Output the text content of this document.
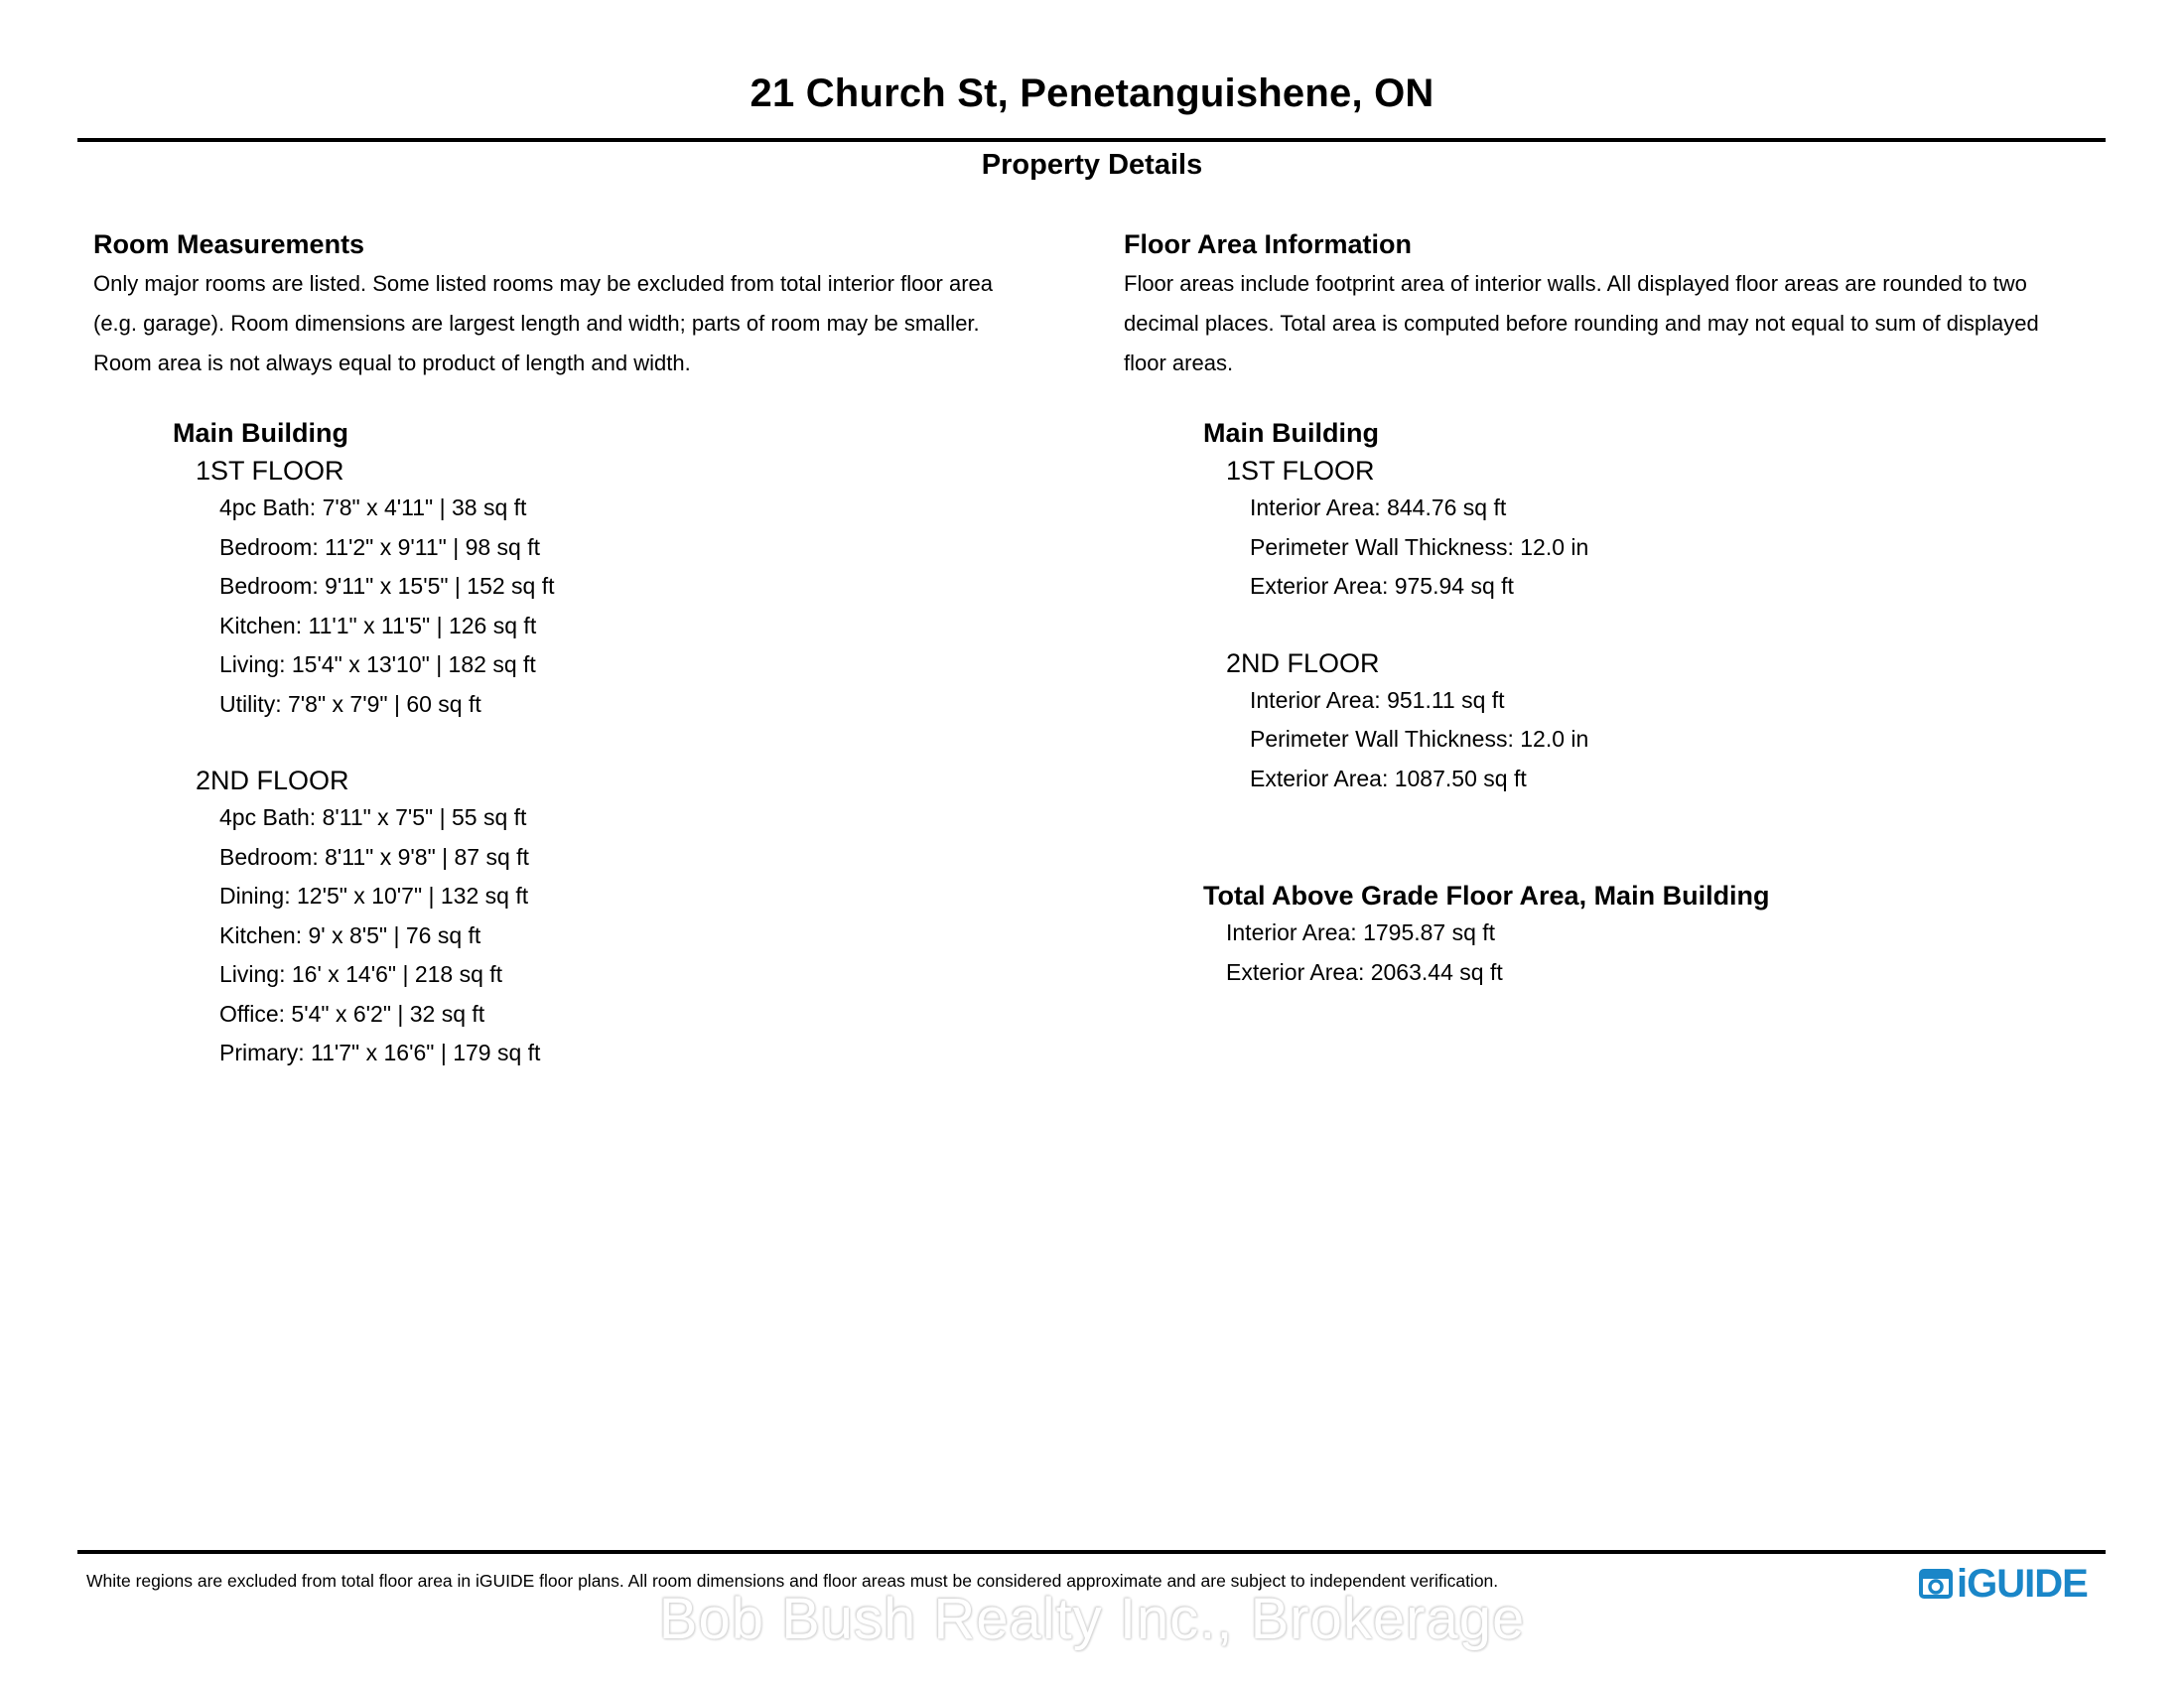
21 Church St, Penetanguishene, ON
Property Details
Room Measurements
Only major rooms are listed. Some listed rooms may be excluded from total interior floor area
(e.g. garage). Room dimensions are largest length and width; parts of room may be smaller.
Room area is not always equal to product of length and width.
Main Building
1ST FLOOR
4pc Bath: 7'8" x 4'11" | 38 sq ft
Bedroom: 11'2" x 9'11" | 98 sq ft
Bedroom: 9'11" x 15'5" | 152 sq ft
Kitchen: 11'1" x 11'5" | 126 sq ft
Living: 15'4" x 13'10" | 182 sq ft
Utility: 7'8" x 7'9" | 60 sq ft
2ND FLOOR
4pc Bath: 8'11" x 7'5" | 55 sq ft
Bedroom: 8'11" x 9'8" | 87 sq ft
Dining: 12'5" x 10'7" | 132 sq ft
Kitchen: 9' x 8'5" | 76 sq ft
Living: 16' x 14'6" | 218 sq ft
Office: 5'4" x 6'2" | 32 sq ft
Primary: 11'7" x 16'6" | 179 sq ft
Floor Area Information
Floor areas include footprint area of interior walls. All displayed floor areas are rounded to two
decimal places. Total area is computed before rounding and may not equal to sum of displayed
floor areas.
Main Building
1ST FLOOR
Interior Area: 844.76 sq ft
Perimeter Wall Thickness: 12.0 in
Exterior Area: 975.94 sq ft
2ND FLOOR
Interior Area: 951.11 sq ft
Perimeter Wall Thickness: 12.0 in
Exterior Area: 1087.50 sq ft
Total Above Grade Floor Area, Main Building
Interior Area: 1795.87 sq ft
Exterior Area: 2063.44 sq ft
White regions are excluded from total floor area in iGUIDE floor plans. All room dimensions and floor areas must be considered approximate and are subject to independent verification.	iGUIDE
Bob Bush Realty Inc., Brokerage
